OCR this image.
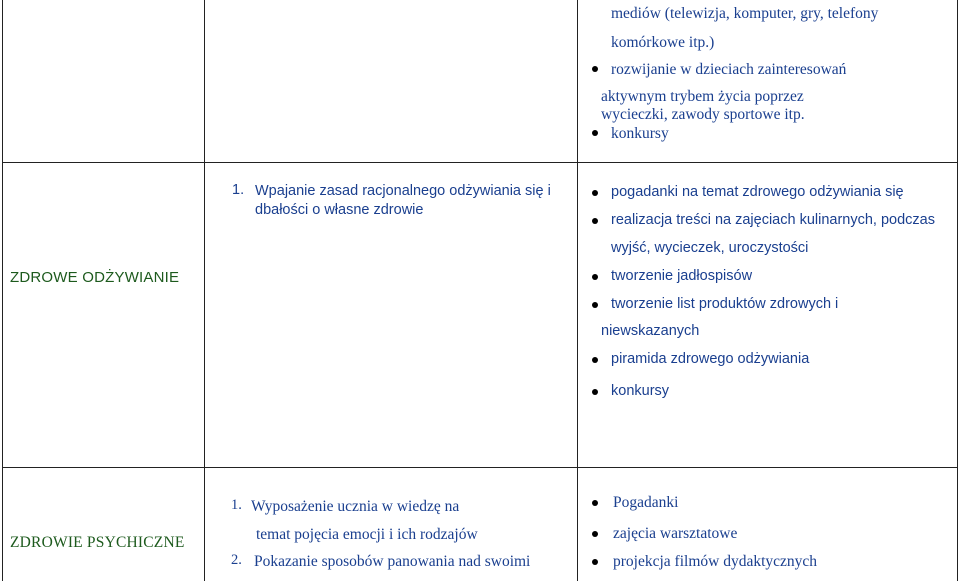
mediów (telewizja, komputer, gry, telefony
komórkowe itp.)
rozwijanie w dzieciach zainteresowań
aktywnym trybem życia poprzez
wycieczki, zawody sportowe itp.
konkursy
ZDROWE ODŻYWIANIE
1. Wpajanie zasad racjonalnego odżywiania się i
dbałości o własne zdrowie
pogadanki na temat zdrowego odżywiania się
realizacja treści na zajęciach kulinarnych, podczas
wyjść, wycieczek, uroczystości
tworzenie jadłospisów
tworzenie list produktów zdrowych i
niewskazanych
piramida zdrowego odżywiania
konkursy
ZDROWIE PSYCHICZNE
1. Wyposażenie ucznia w wiedzę na
temat pojęcia emocji i ich rodzajów
2. Pokazanie sposobów panowania nad swoimi
Pogadanki
zajęcia warsztatowe
projekcja filmów dydaktycznych
